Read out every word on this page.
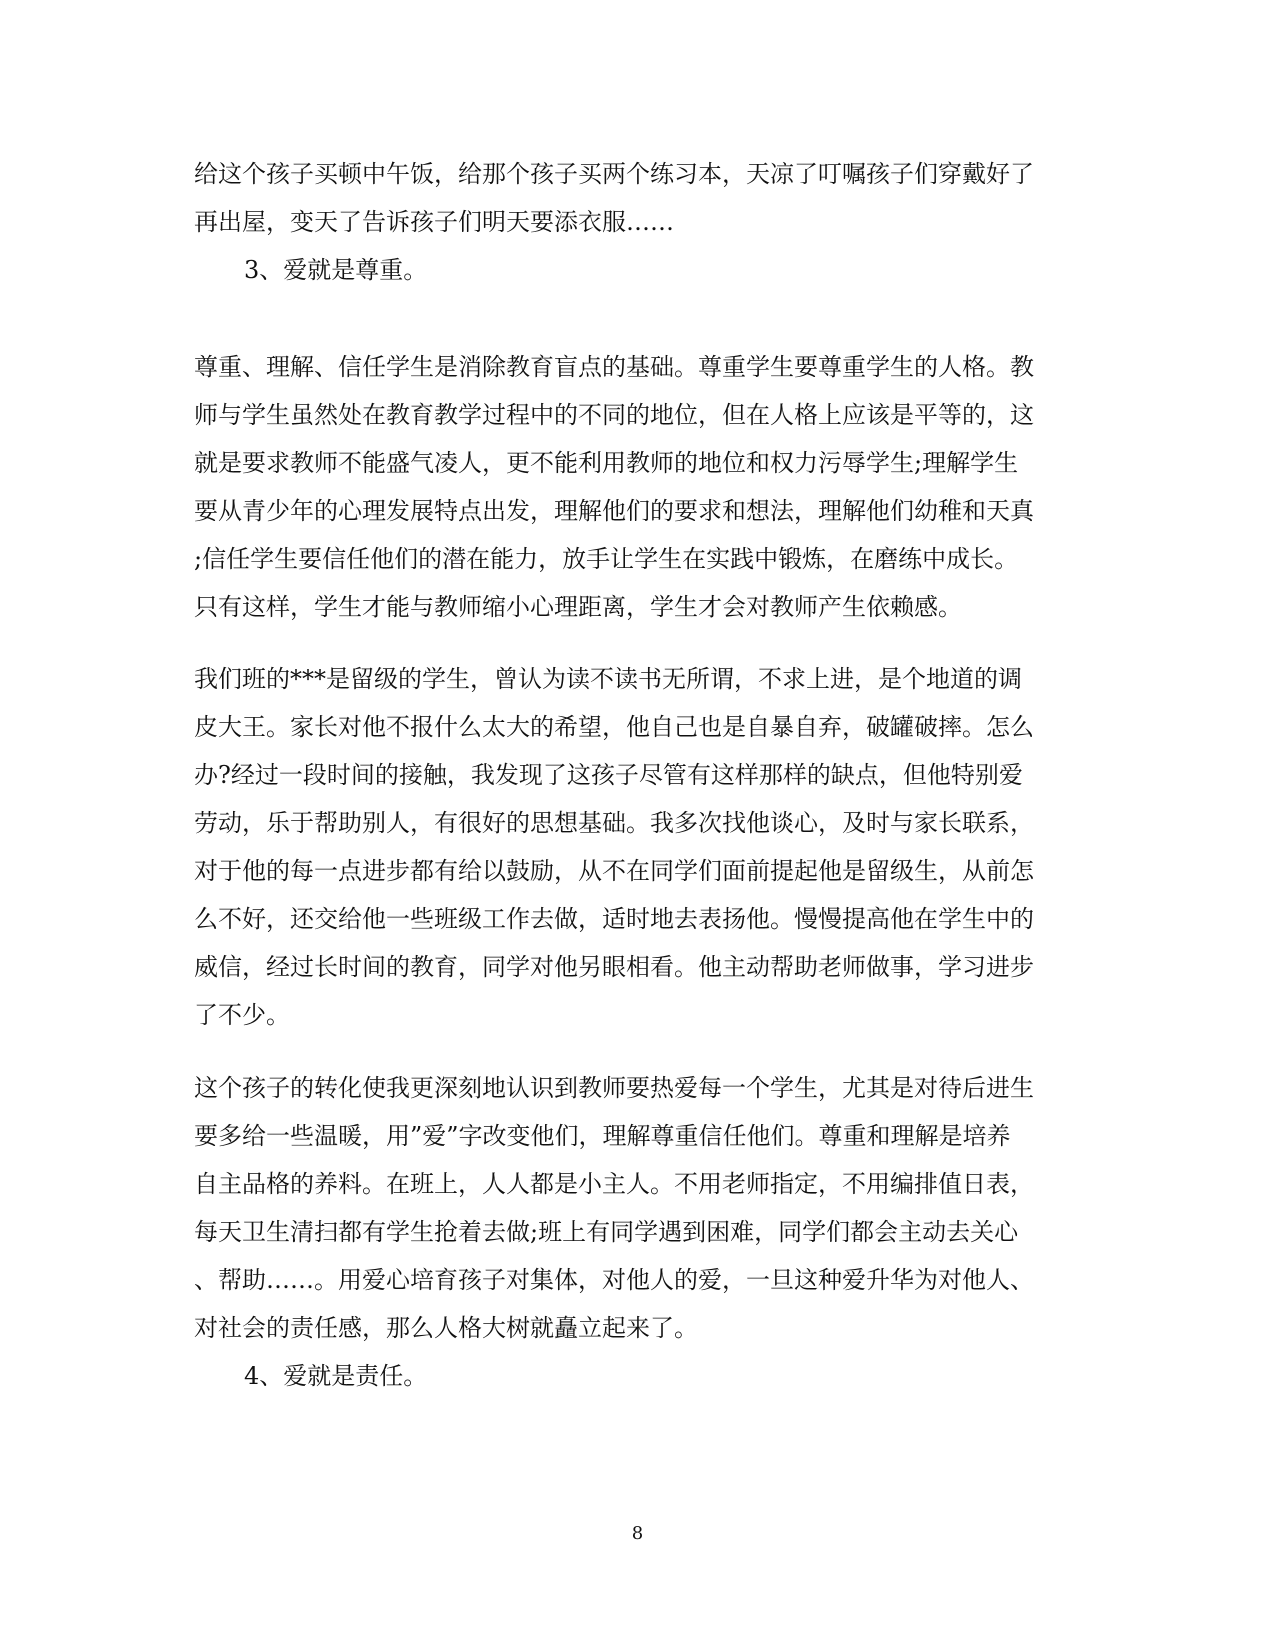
给这个孩子买顿中午饭，给那个孩子买两个练习本，天凉了叮嘱孩子们穿戴好了
再出屋，变天了告诉孩子们明天要添衣服……

3、爱就是尊重。

尊重、理解、信任学生是消除教育盲点的基础。尊重学生要尊重学生的人格。教
师与学生虽然处在教育教学过程中的不同的地位，但在人格上应该是平等的，这
就是要求教师不能盛气凌人，更不能利用教师的地位和权力污辱学生;理解学生
要从青少年的心理发展特点出发，理解他们的要求和想法，理解他们幼稚和天真
;信任学生要信任他们的潜在能力，放手让学生在实践中锻炼，在磨练中成长。
只有这样，学生才能与教师缩小心理距离，学生才会对教师产生依赖感。
我们班的***是留级的学生，曾认为读不读书无所谓，不求上进，是个地道的调
皮大王。家长对他不报什么太大的希望，他自己也是自暴自弃，破罐破摔。怎么
办?经过一段时间的接触，我发现了这孩子尽管有这样那样的缺点，但他特别爱
劳动，乐于帮助别人，有很好的思想基础。我多次找他谈心，及时与家长联系，
对于他的每一点进步都有给以鼓励，从不在同学们面前提起他是留级生，从前怎
么不好，还交给他一些班级工作去做，适时地去表扬他。慢慢提高他在学生中的
威信，经过长时间的教育，同学对他另眼相看。他主动帮助老师做事，学习进步
了不少。
这个孩子的转化使我更深刻地认识到教师要热爱每一个学生，尤其是对待后进生
要多给一些温暖，用”爱”字改变他们，理解尊重信任他们。尊重和理解是培养
自主品格的养料。在班上，人人都是小主人。不用老师指定，不用编排值日表，
每天卫生清扫都有学生抢着去做;班上有同学遇到困难，同学们都会主动去关心
、帮助……。用爱心培育孩子对集体，对他人的爱，一旦这种爱升华为对他人、
对社会的责任感，那么人格大树就矗立起来了。

4、爱就是责任。

8
